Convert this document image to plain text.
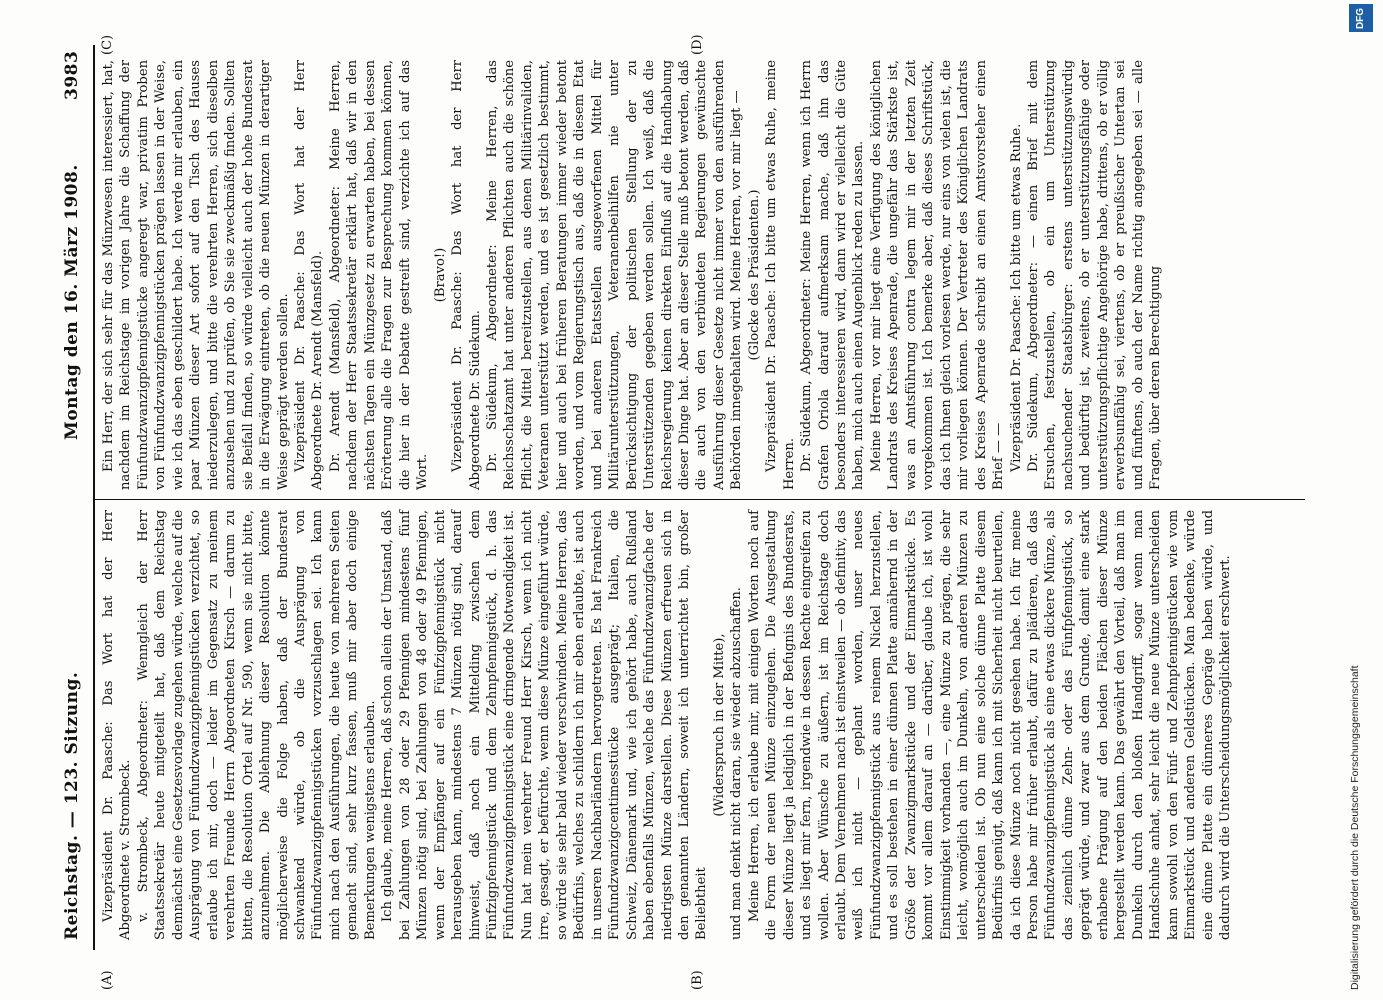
Reichstag. — 123. Sitzung.
Montag den 16. März 1908.
3983
(A)	(B)
(C)	(D)

Vizepräsident Dr. Paasche: Das Wort hat der Herr Abgeordnete v. Strombeck. v. Strombeck, Abgeordneter: Wenngleich der Herr Staatssekretär heute mitgeteilt hat, daß dem Reichstag demnächst eine Gesetzesvorlage zugehen würde, welche auf die Ausprägung von Fünfundzwanzigpfennigstücken verzichtet, so erlaube ich mir, doch — leider im Gegensatz zu meinem verehrten Freunde Herrn Abgeordneten Kirsch — darum zu bitten, die Resolution Ortel auf Nr. 590, wenn sie nicht bitte, anzunehmen. Die Ablehnung dieser Resolution könnte möglicherweise die Folge haben, daß der Bundesrat schwankend würde, ob die Ausprägung von Fünfundzwanzigpfennigstücken vorzuschlagen sei. Ich kann mich nach den Ausführungen, die heute von mehreren Seiten gemacht sind, sehr kurz fassen, muß mir aber doch einige Bemerkungen wenigstens erlauben. Ich glaube, meine Herren, daß schon allein der Umstand, daß bei Zahlungen von 28 oder 29 Pfennigen mindestens fünf Münzen nötig sind, bei Zahlungen von 48 oder 49 Pfennigen, wenn der Empfänger auf ein Fünfzigpfennigstück nicht herausgeben kann, mindestens 7 Münzen nötig sind, darauf hinweist, daß noch ein Mittelding zwischen dem Fünfzigpfennigstück und dem Zehnpfennigstück, d. h. das Fünfundzwanzigpfennigstück eine dringende Notwendigkeit ist. Nun hat mein verehrter Freund Herr Kirsch, wenn ich nicht irre, gesagt, er befürchte, wenn diese Münze eingeführt würde, so würde sie sehr bald wieder verschwinden. Meine Herren, das Bedürfnis, welches zu schildern ich mir eben erlaubte, ist auch in unseren Nachbarländern hervorgetreten. Es hat Frankreich Fünfundzwanzigcentimesstücke ausgeprägt; Italien, die Schweiz, Dänemark und, wie ich gehört habe, auch Rußland haben ebenfalls Münzen, welche das Fünfundzwanzigfache der niedrigsten Münze darstellen. Diese Münzen erfreuen sich in den genannten Ländern, soweit ich unterrichtet bin, großer Beliebtheit

(Widerspruch in der Mitte), und man denkt nicht daran, sie wieder abzuschaffen. Meine Herren, ich erlaube mir, mit einigen Worten noch auf die Form der neuen Münze einzugehen. Die Ausgestaltung dieser Münze liegt ja lediglich in der Befugnis des Bundesrats, und es liegt mir fern, irgendwie in dessen Rechte eingreifen zu wollen. Aber Wünsche zu äußern, ist im Reichstage doch erlaubt. Dem Vernehmen nach ist einstweilen — ob definitiv, das weiß ich nicht — geplant worden, unser neues Fünfundzwanzigpfennigstück aus reinem Nickel herzustellen, und es soll bestehen in einer dünnen Platte annähernd in der Größe der Zwanzigmarkstücke und der Einmarkstücke. Es kommt vor allem darauf an — darüber, glaube ich, ist wohl Einstimmigkeit vorhanden —, eine Münze zu prägen, die sehr leicht, womöglich auch im Dunkeln, von anderen Münzen zu unterscheiden ist. Ob nun eine solche dünne Platte diesem Bedürfnis genügt, daß kann ich mit Sicherheit nicht beurteilen, da ich diese Münze noch nicht gesehen habe. Ich für meine Person habe mir früher erlaubt, dafür zu plädieren, daß das Fünfundzwanzigpfennigstück als eine etwas dickere Münze, als das ziemlich dünne Zehn- oder das Fünfpfennigstück, so geprägt würde, und zwar aus dem Grunde, damit eine stark erhabene Prägung auf den beiden Flächen dieser Münze hergestellt werden kann. Das gewährt den Vorteil, daß man im Dunkeln durch den bloßen Handgriff, sogar wenn man Handschuhe anhat, sehr leicht die neue Münze unterscheiden kann sowohl von den Fünf- und Zehnpfennigstücken wie vom Einmarkstück und anderen Geldstücken. Man bedenke, würde eine dünne Platte ein dünneres Gepräge haben würde, und dadurch wird die Unterscheidungsmöglichkeit erschwert.

Ein Herr, der sich sehr für das Münzwesen interessiert, hat, nachdem im Reichstage im vorigen Jahre die Schaffung der Fünfundzwanzigpfennigstücke angeregt war, privatim Proben von Fünfundzwanzigpfennigstücken prägen lassen in der Weise, wie ich das eben geschildert habe. Ich werde mir erlauben, ein paar Münzen dieser Art sofort auf den Tisch des Hauses niederzulegen, und bitte die verehrten Herren, sich dieselben anzusehen und zu prüfen, ob Sie sie zweckmäßig finden. Sollten sie Beifall finden, so würde vielleicht auch der hohe Bundesrat in die Erwägung eintreten, ob die neuen Münzen in derartiger Weise geprägt werden sollen. Vizepräsident Dr. Paasche: Das Wort hat der Herr Abgeordnete Dr. Arendt (Mansfeld). Dr. Arendt (Mansfeld), Abgeordneter: Meine Herren, nachdem der Herr Staatssekretär erklärt hat, daß wir in den nächsten Tagen ein Münzgesetz zu erwarten haben, bei dessen Erörterung alle die Fragen zur Besprechung kommen können, die hier in der Debatte gestreift sind, verzichte ich auf das Wort.

(Bravo!) Vizepräsident Dr. Paasche: Das Wort hat der Herr Abgeordnete Dr. Südekum. Dr. Südekum, Abgeordneter: Meine Herren, das Reichsschatzamt hat unter anderen Pflichten auch die schöne Pflicht, die Mittel bereitzustellen, aus denen Militärinvaliden, Veteranen unterstützt werden, und es ist gesetzlich bestimmt, hier und auch bei früheren Beratungen immer wieder betont worden, und vom Regierungstisch aus, daß die in diesem Etat und bei anderen Etatsstellen ausgeworfenen Mittel für Militärunterstützungen, Veteranenbeihilfen nie unter Berücksichtigung der politischen Stellung der zu Unterstützenden gegeben werden sollen. Ich weiß, daß die Reichsregierung keinen direkten Einfluß auf die Handhabung dieser Dinge hat. Aber an dieser Stelle muß betont werden, daß die auch von den verbündeten Regierungen gewünschte Ausführung dieser Gesetze nicht immer von den ausführenden Behörden innegehalten wird. Meine Herren, vor mir liegt — (Glocke des Präsidenten.) Vizepräsident Dr. Paasche: Ich bitte um etwas Ruhe, meine Herren. Dr. Südekum, Abgeordneter: Meine Herren, wenn ich Herrn Grafen Oriola darauf aufmerksam mache, daß ihn das besonders interessieren wird, dann wird er vielleicht die Güte haben, mich auch einen Augenblick reden zu lassen. Meine Herren, vor mir liegt eine Verfügung des königlichen Landrats des Kreises Apenrade, die ungefähr das Stärkste ist, was an Amtsführung contra legem mir in der letzten Zeit vorgekommen ist. Ich bemerke aber, daß dieses Schriftstück, das ich Ihnen gleich vorlesen werde, nur eins von vielen ist, die mir vorliegen können. Der Vertreter des Königlichen Landrats des Kreises Apenrade schreibt an einen Amtsvorsteher einen Brief — — Vizepräsident Dr. Paasche: Ich bitte um etwas Ruhe. Dr. Südekum, Abgeordneter: — einen Brief mit dem Ersuchen, festzustellen, ob ein um Unterstützung nachsuchender Staatsbürger: erstens unterstützungswürdig und bedürftig ist, zweitens, ob er unterstützungsfähige oder unterstützungspflichtige Angehörige habe, drittens, ob er völlig erwerbsunfähig sei, viertens, ob er preußischer Untertan sei und fünftens, ob auch der Name richtig angegeben sei — alle Fragen, über deren Berechtigung

DFG
Digitalisierung gefördert durch die Deutsche Forschungsgemeinschaft
